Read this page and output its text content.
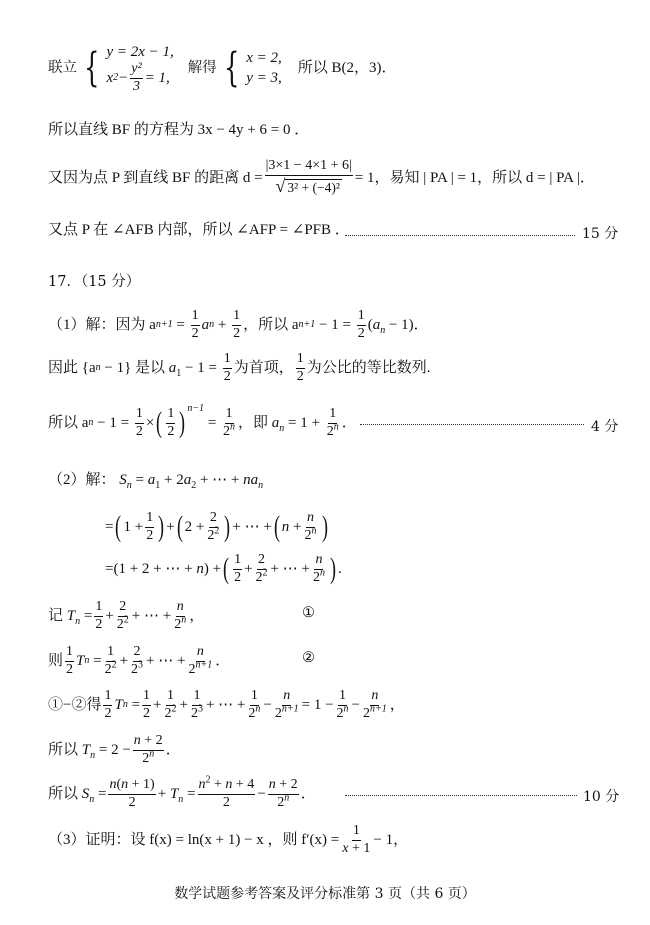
联立 { y = 2x − 1,
x $2 - \frac{\text{y²}}{3} = 1$,
解得 { x = 2,
y = 3,
所以 B(2，3)．
所以直线 BF 的方程为 3x − 4y + 6 = 0 ．
又因为点 P 到直线 BF 的距离 $d = \frac{|3\times 1 - 4\times 1 + 6|}{\text{√ 3² + (−4)²}} = 1$，易知 | PA | = 1，所以 d = | PA |．
又点 P 在 ∠AFB 内部，所以 ∠AFP = ∠PFB ．	15 分
17．（15 分）
（1）解：因为 a $n+1 = \frac{1}{2}$ a $n + \frac{1}{2}$ ， 所以 a $n+1 - 1 = \frac{1}{2} (a_n - 1)$．
因此 {a n − 1} 是以 $a_1 - 1 = \frac{1}{2}$ 为首项， $\frac{1}{2}$ 为公比的等比数列.
所以 a $n - 1 = \frac{1}{2}$ × ( $\frac{1}{2} )^{n-1}$
= $\frac{1}{2^n}$ ，即 $a_n = 1 + \frac{1}{2^n}$ ．	4 分
（2）解： $S_n = a_1 + 2a_2$ + ⋯ + $na_n$
= ( $1 + \frac{1}{2}$ ) + ( $2 + \frac{2}{2^2}$ ) + ⋯ + ( $n + \frac{n}{2^n}$ )
=(1 + 2 + ⋯ + n) + ( $\frac{1}{2} + \frac{2}{2^2}$ + ⋯ + $\frac{n}{2^n}$ ) .
记 $T_n = \frac{1}{2} + \frac{2}{2^2}$ + ⋯ + $\frac{n}{2^n}$ ，	①
则 $\frac{1}{2}$ T $n = \frac{1}{2^2} + \frac{2}{2^3}$ + ⋯ + $\frac{n}{2^{n+1}}$ ．	②
①−②得 $\frac{1}{2}$ T $n = \frac{1}{2} + \frac{1}{2^2} + \frac{1}{2^3}$ + ⋯ + $\frac{1}{2^n} - \frac{n}{2^{n+1}} = 1 - \frac{1}{2^n} - \frac{n}{2^{n+1}}$ ，
所以 $T_n = 2 - \frac{n + 2}{2^n}$ ．
所以 $S_n = \frac{n(n + 1)}{2} + T_n = \frac{n^2 + n + 4}{2} - \frac{n + 2}{2^n}$ ．	10 分
（3）证明：设 f(x) = ln(x + 1) − x ，则 $f'(x) = \frac{1}{x + 1} - 1$，
数学试题参考答案及评分标准第 3 页（共 6 页）
